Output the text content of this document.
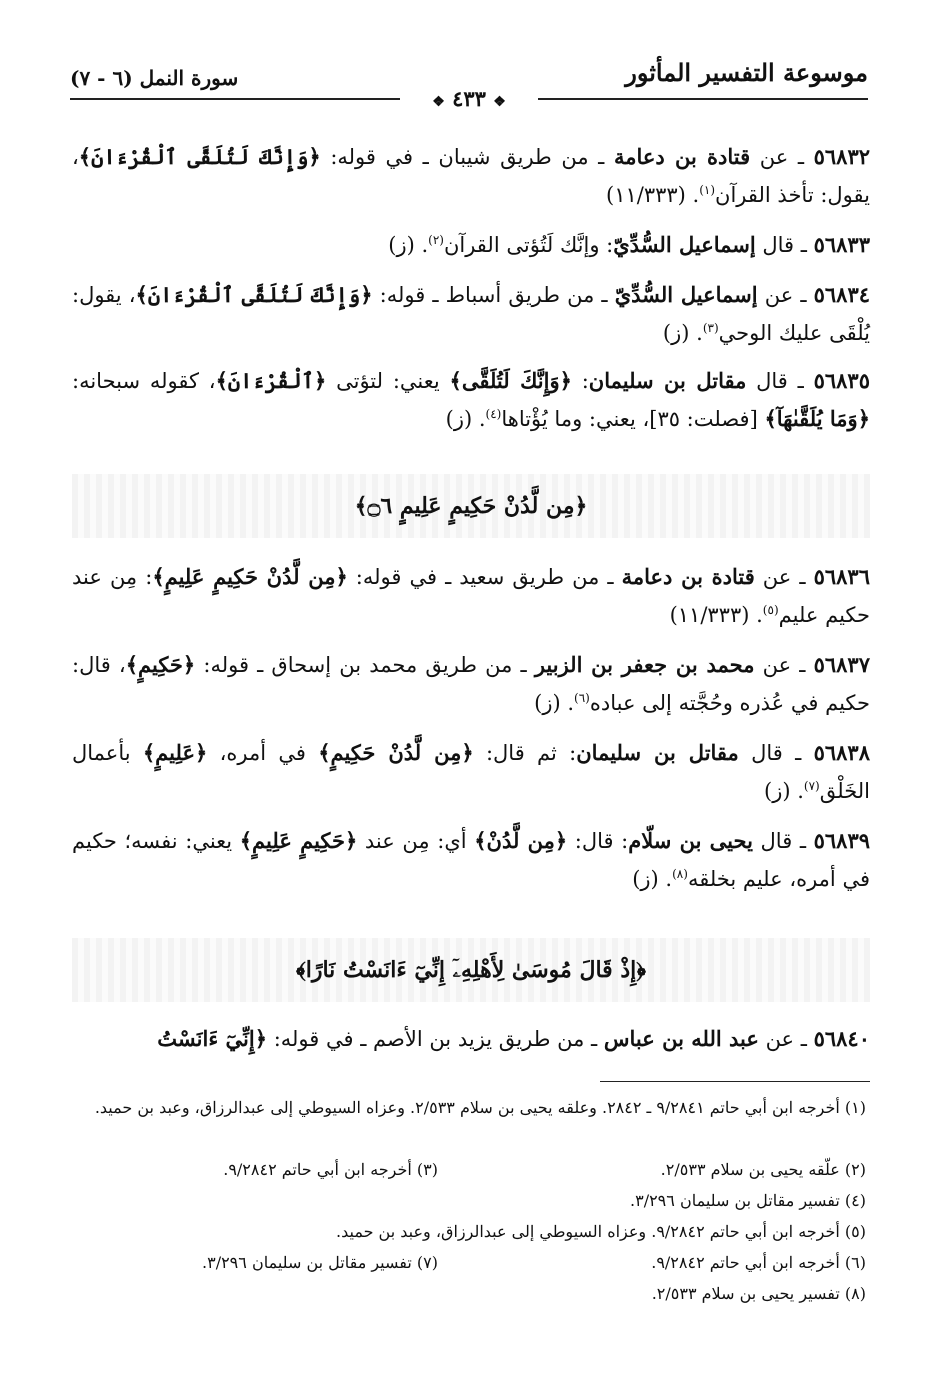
موسوعة التفسير المأثور
سورة النمل (٦ - ٧)
❖ ٤٣٣ ❖
٥٦٨٣٢ ـ عن قتادة بن دعامة ـ من طريق شيبان ـ في قوله: ﴿وَإِنَّكَ لَتُلَقَّى ٱلْقُرْءَانَ﴾، يقول: تأخذ القرآن$^{(١)}$. (١١/٣٣٣)
٥٦٨٣٣ ـ قال إسماعيل السُّدِّيّ: وإنَّك لَتُؤتى القرآن$^{(٢)}$. (ز)
٥٦٨٣٤ ـ عن إسماعيل السُّدِّيّ ـ من طريق أسباط ـ قوله: ﴿وَإِنَّكَ لَتُلَقَّى ٱلْقُرْءَانَ﴾، يقول: يُلْقَى عليك الوحي$^{(٣)}$. (ز)
٥٦٨٣٥ ـ قال مقاتل بن سليمان: ﴿وَإِنَّكَ لَتُلَقَّى﴾ يعني: لتؤتى ﴿ٱلْقُرْءَانَ﴾، كقوله سبحانه: ﴿وَمَا يُلَقَّىٰهَآ﴾ [فصلت: ٣٥]، يعني: وما يُؤْتاها$^{(٤)}$. (ز)
﴿مِن لَّدُنْ حَكِيمٍ عَلِيمٍ ۝٦﴾
٥٦٨٣٦ ـ عن قتادة بن دعامة ـ من طريق سعيد ـ في قوله: ﴿مِن لَّدُنْ حَكِيمٍ عَلِيمٍ﴾: مِن عند حكيم عليم$^{(٥)}$. (١١/٣٣٣)
٥٦٨٣٧ ـ عن محمد بن جعفر بن الزبير ـ من طريق محمد بن إسحاق ـ قوله: ﴿حَكِيمٍ﴾، قال: حكيم في عُذره وحُجَّته إلى عباده$^{(٦)}$. (ز)
٥٦٨٣٨ ـ قال مقاتل بن سليمان: ثم قال: ﴿مِن لَّدُنْ حَكِيمٍ﴾ في أمره، ﴿عَلِيمٍ﴾ بأعمال الخَلْق$^{(٧)}$. (ز)
٥٦٨٣٩ ـ قال يحيى بن سلّام: قال: ﴿مِن لَّدُنْ﴾ أي: مِن عند ﴿حَكِيمٍ عَلِيمٍ﴾ يعني: نفسه؛ حكيم في أمره، عليم بخلقه$^{(٨)}$. (ز)
﴿إِذْ قَالَ مُوسَىٰ لِأَهْلِهِۦٓ إِنِّيٓ ءَانَسْتُ نَارًا﴾
٥٦٨٤٠ ـ عن عبد الله بن عباس ـ من طريق يزيد بن الأصم ـ في قوله: ﴿إِنِّيٓ ءَانَسْتُ
(١) أخرجه ابن أبي حاتم ٩/٢٨٤١ ـ ٢٨٤٢. وعلقه يحيى بن سلام ٢/٥٣٣. وعزاه السيوطي إلى عبدالرزاق، وعبد بن حميد.
(٢) علّقه يحيى بن سلام ٢/٥٣٣.
(٣) أخرجه ابن أبي حاتم ٩/٢٨٤٢.
(٤) تفسير مقاتل بن سليمان ٣/٢٩٦.
(٥) أخرجه ابن أبي حاتم ٩/٢٨٤٢. وعزاه السيوطي إلى عبدالرزاق، وعبد بن حميد.
(٦) أخرجه ابن أبي حاتم ٩/٢٨٤٢.
(٧) تفسير مقاتل بن سليمان ٣/٢٩٦.
(٨) تفسير يحيى بن سلام ٢/٥٣٣.
